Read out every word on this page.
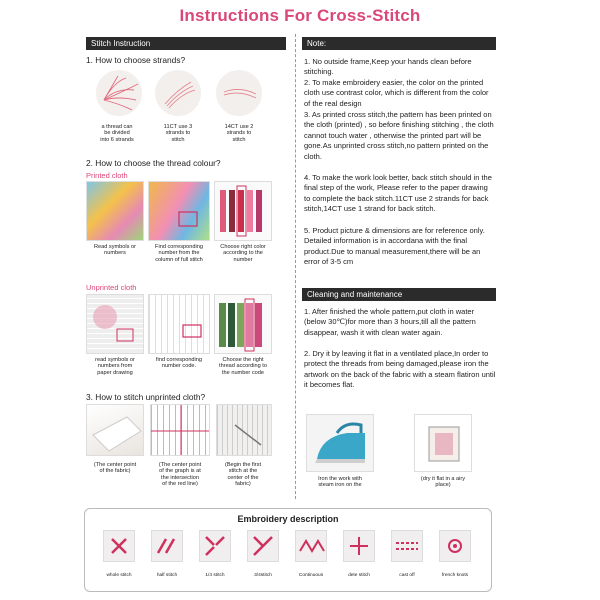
Instructions For Cross-Stitch
Stitch Instruction
1. How to choose strands?
a thread can
be divided
into 6 strands
11CT use 3
strands to
stitch
14CT use 2
strands to
stitch
2. How to choose the thread colour?
Printed cloth
Read symbols or
numbers
Find corresponding
number from the
column of full stitch
Choose right color
according to the
number
Unprinted cloth
read symbols or
numbers from
paper drawing
find corresponding
number code.
Choose the right
thread according to
the number code
3. How to stitch unprinted cloth?
(The center point
of the fabric)
(The center point
of the graph is at
the intersection
of the red line)
(Begin the first
stitch at the
center of the
fabric)
Note:
1. No outside frame,Keep your hands clean before stitching.
2. To make embroidery easier, the color on the printed cloth use contrast color, which is different from the color of the real design
3. As printed cross stitch,the pattern has been printed on the cloth (printed) , so before finishing stitching , the cloth cannot touch water , otherwise the printed part will be gone.As unprinted cross stitch,no pattern printed on the cloth.
4. To make the work look better, back stitch should in the final step of the work, Please refer to the paper drawing to complete the back stitch.11CT use 2 strands for back stitch,14CT use 1 strand for back stitch.
5. Product picture & dimensions are for reference only. Detailed information is in accordana with the final product.Due to manual measurement,there will be an error of 3-5 cm
Cleaning and maintenance
1. After finished the whole pattern,put cloth in water (below 30℃)for more than 3 hours,till all the pattern disappear, wash it with clean water again.
2. Dry it by leaving it flat in a ventilated place,In order to protect the threads from being damaged,please iron the artwork on the back of the fabric with a steam flatiron until it becomes flat.
Iron the work with
steam iron on the
(dry it flat in a airy
place)
Embroidery description
whole stitch	half stitch	1/4 stitch	3/4stitch	Continuous	dete stitch	cast off	french knots
